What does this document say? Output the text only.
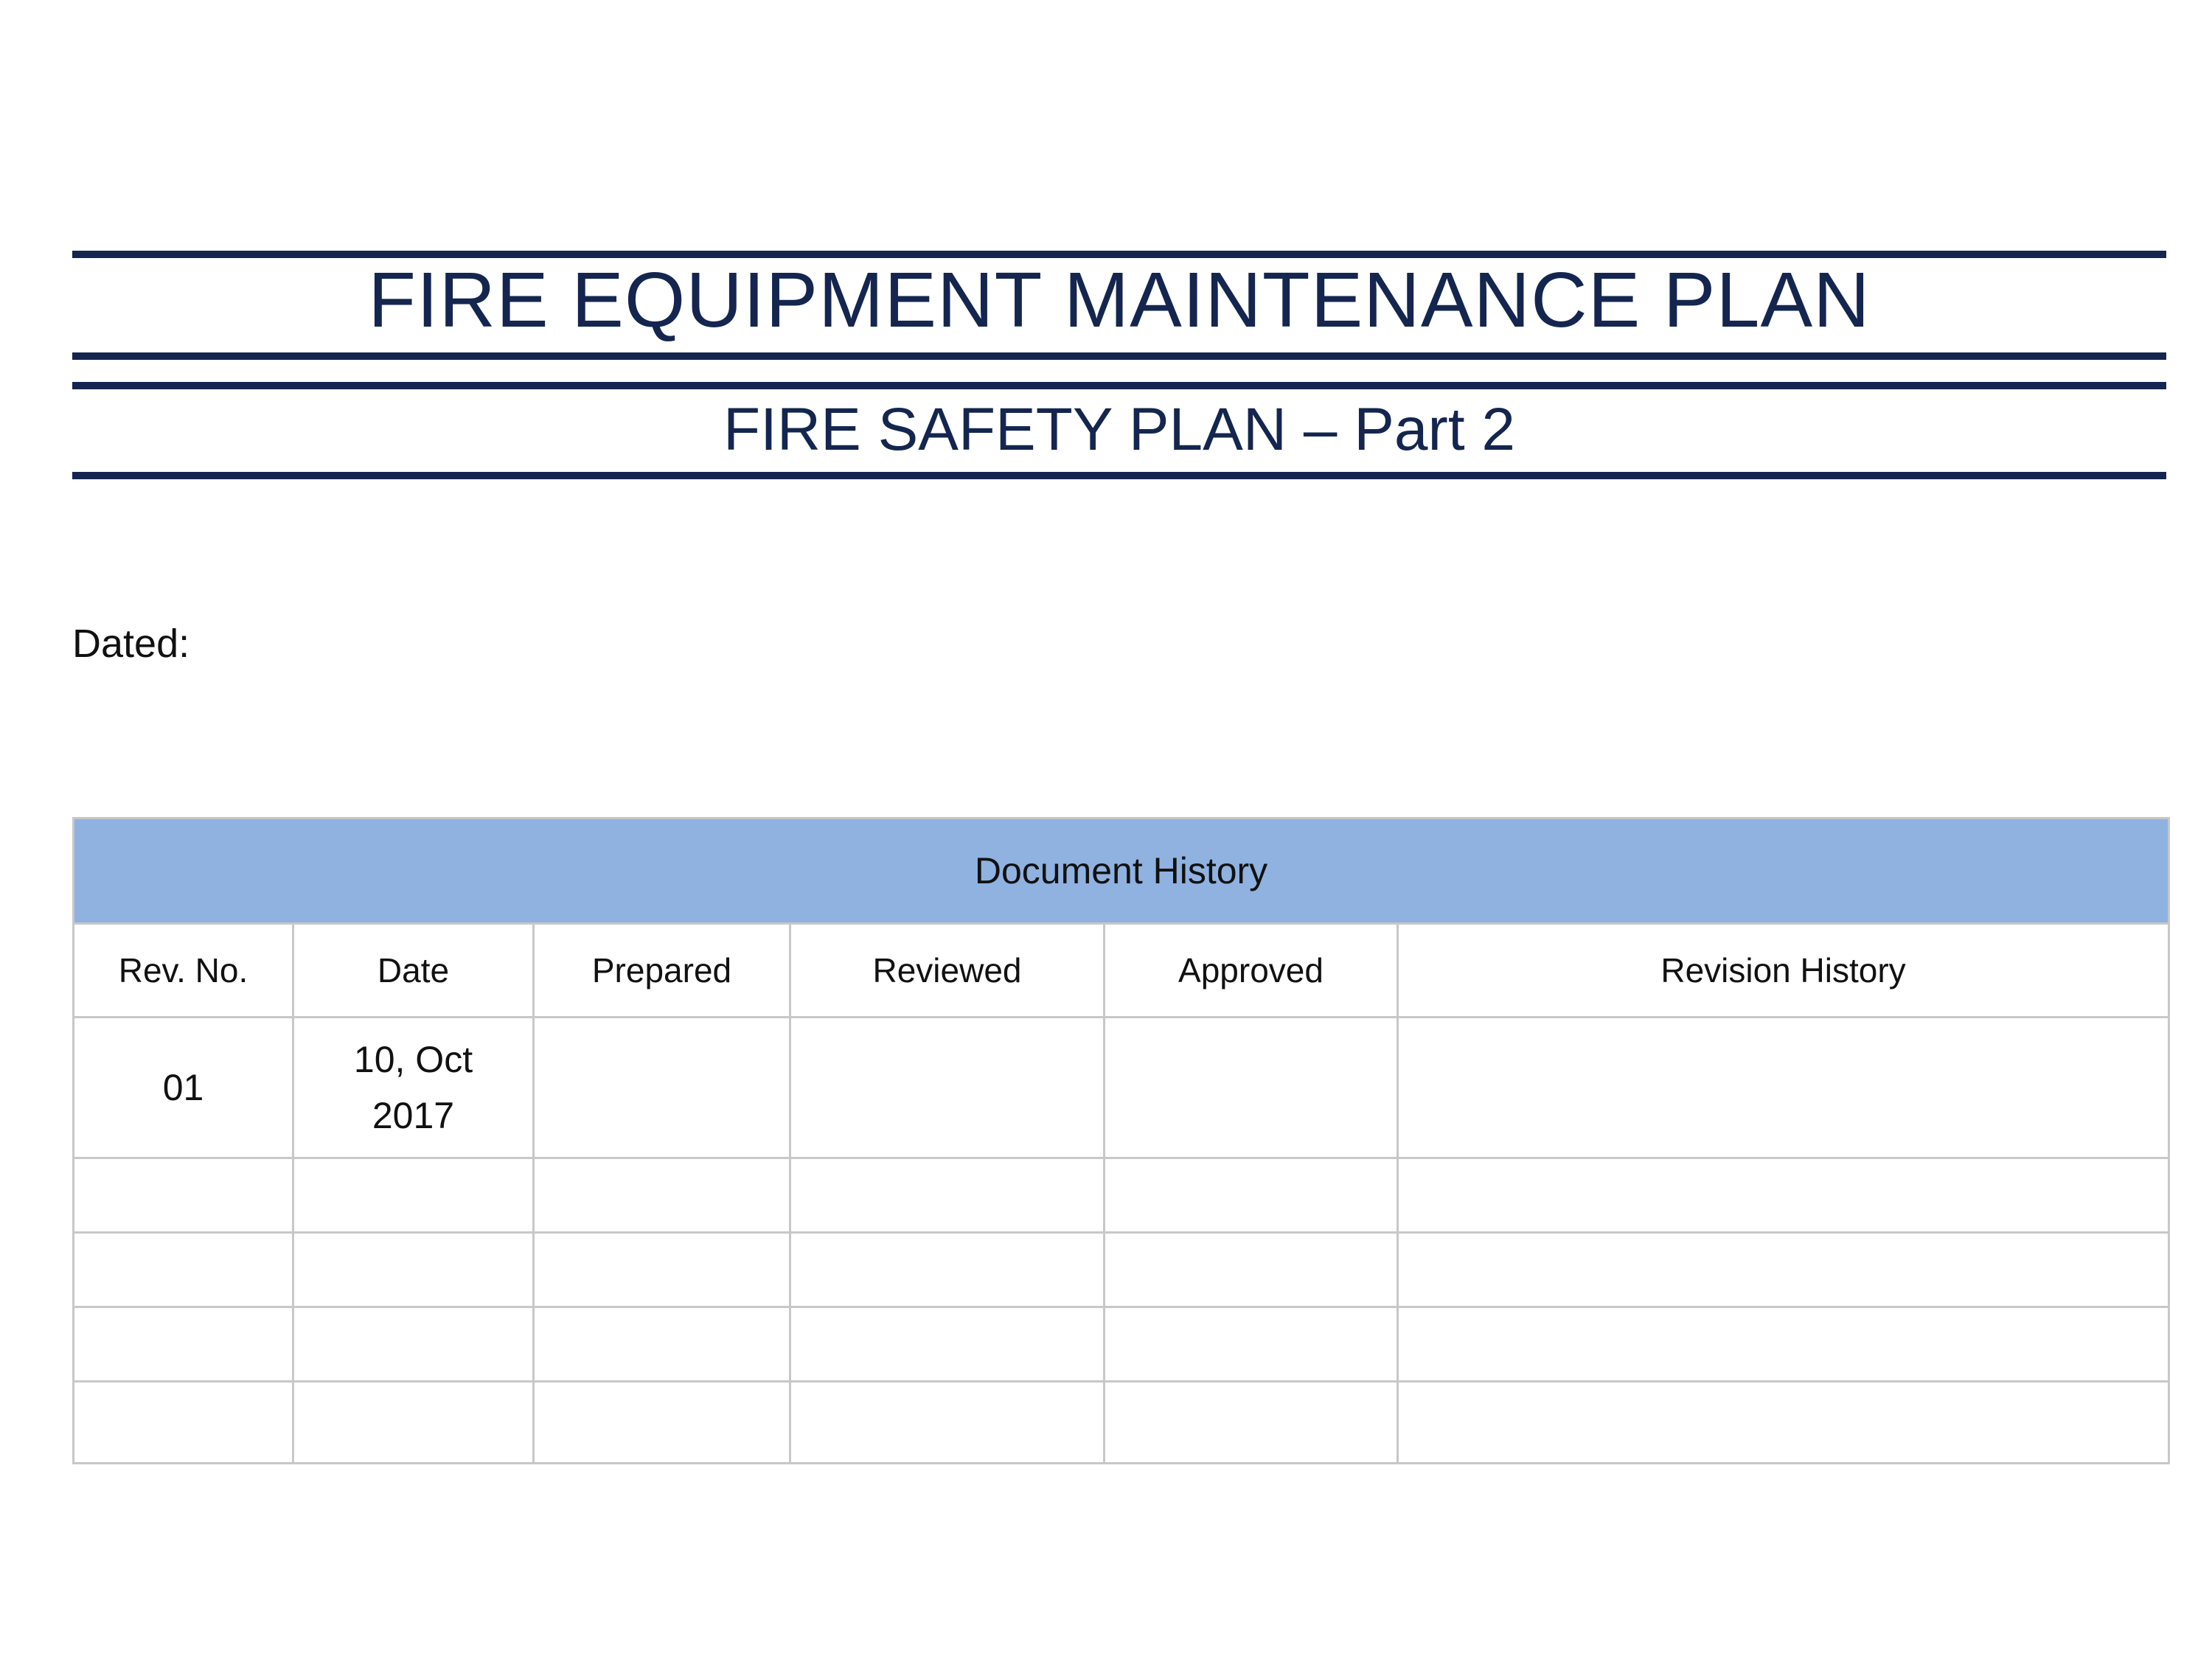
FIRE EQUIPMENT MAINTENANCE PLAN
FIRE SAFETY PLAN – Part 2
Dated:
Document History					
Rev. No.	Date	Prepared	Reviewed	Approved	Revision History
01	10, Oct 2017				
